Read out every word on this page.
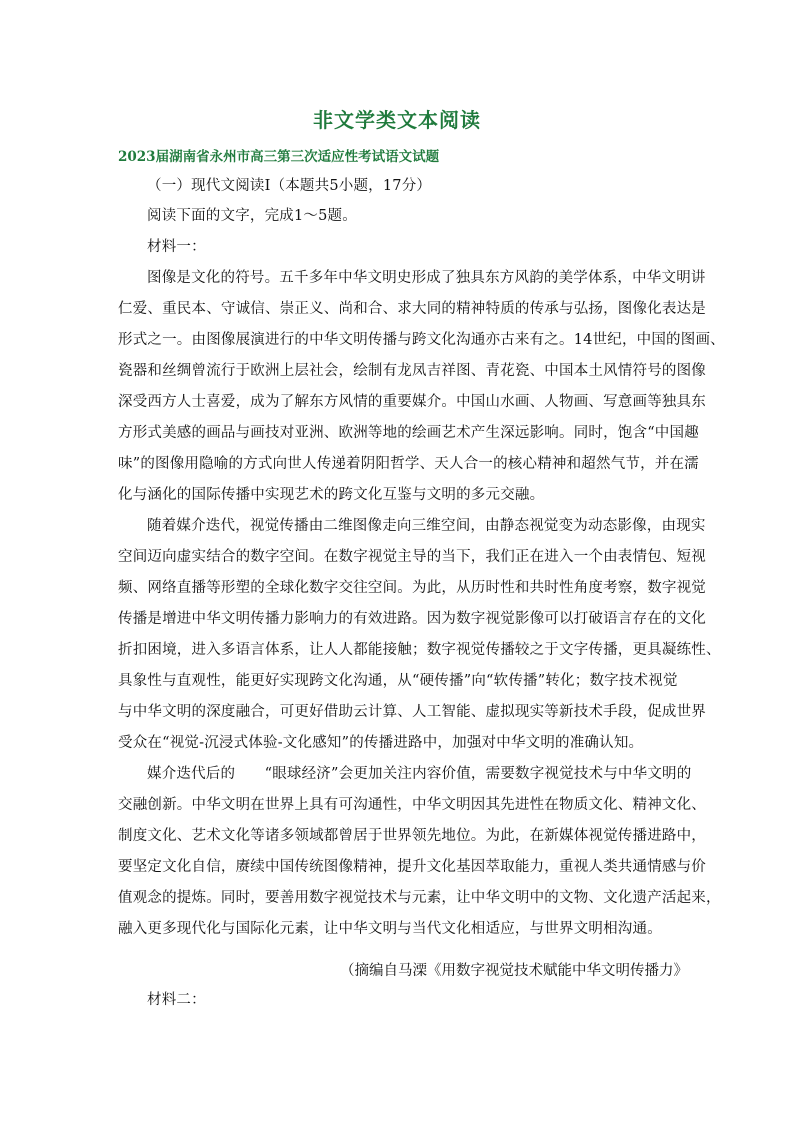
非文学类文本阅读
2023届湖南省永州市高三第三次适应性考试语文试题
（一）现代文阅读I（本题共5小题，17分）
阅读下面的文字，完成1～5题。
材料一：
图像是文化的符号。五千多年中华文明史形成了独具东方风韵的美学体系，中华文明讲
仁爱、重民本、守诚信、崇正义、尚和合、求大同的精神特质的传承与弘扬，图像化表达是
形式之一。由图像展演进行的中华文明传播与跨文化沟通亦古来有之。14世纪，中国的图画、
瓷器和丝绸曾流行于欧洲上层社会，绘制有龙凤吉祥图、青花瓷、中国本土风情符号的图像
深受西方人士喜爱，成为了解东方风情的重要媒介。中国山水画、人物画、写意画等独具东
方形式美感的画品与画技对亚洲、欧洲等地的绘画艺术产生深远影响。同时，饱含“中国趣
味”的图像用隐喻的方式向世人传递着阴阳哲学、天人合一的核心精神和超然气节，并在濡
化与涵化的国际传播中实现艺术的跨文化互鉴与文明的多元交融。
随着媒介迭代，视觉传播由二维图像走向三维空间，由静态视觉变为动态影像，由现实
空间迈向虚实结合的数字空间。在数字视觉主导的当下，我们正在进入一个由表情包、短视
频、网络直播等形塑的全球化数字交往空间。为此，从历时性和共时性角度考察，数字视觉
传播是增进中华文明传播力影响力的有效进路。因为数字视觉影像可以打破语言存在的文化
折扣困境，进入多语言体系，让人人都能接触；数字视觉传播较之于文字传播，更具凝练性、
具象性与直观性，能更好实现跨文化沟通，从“硬传播”向“软传播”转化；数字技术视觉
与中华文明的深度融合，可更好借助云计算、人工智能、虚拟现实等新技术手段，促成世界
受众在“视觉-沉浸式体验-文化感知”的传播进路中，加强对中华文明的准确认知。
媒介迭代后的　　“眼球经济”会更加关注内容价值，需要数字视觉技术与中华文明的
交融创新。中华文明在世界上具有可沟通性，中华文明因其先进性在物质文化、精神文化、
制度文化、艺术文化等诸多领域都曾居于世界领先地位。为此，在新媒体视觉传播进路中，
要坚定文化自信，赓续中国传统图像精神，提升文化基因萃取能力，重视人类共通情感与价
值观念的提炼。同时，要善用数字视觉技术与元素，让中华文明中的文物、文化遗产活起来，
融入更多现代化与国际化元素，让中华文明与当代文化相适应，与世界文明相沟通。
（摘编自马溧《用数字视觉技术赋能中华文明传播力》
材料二：
